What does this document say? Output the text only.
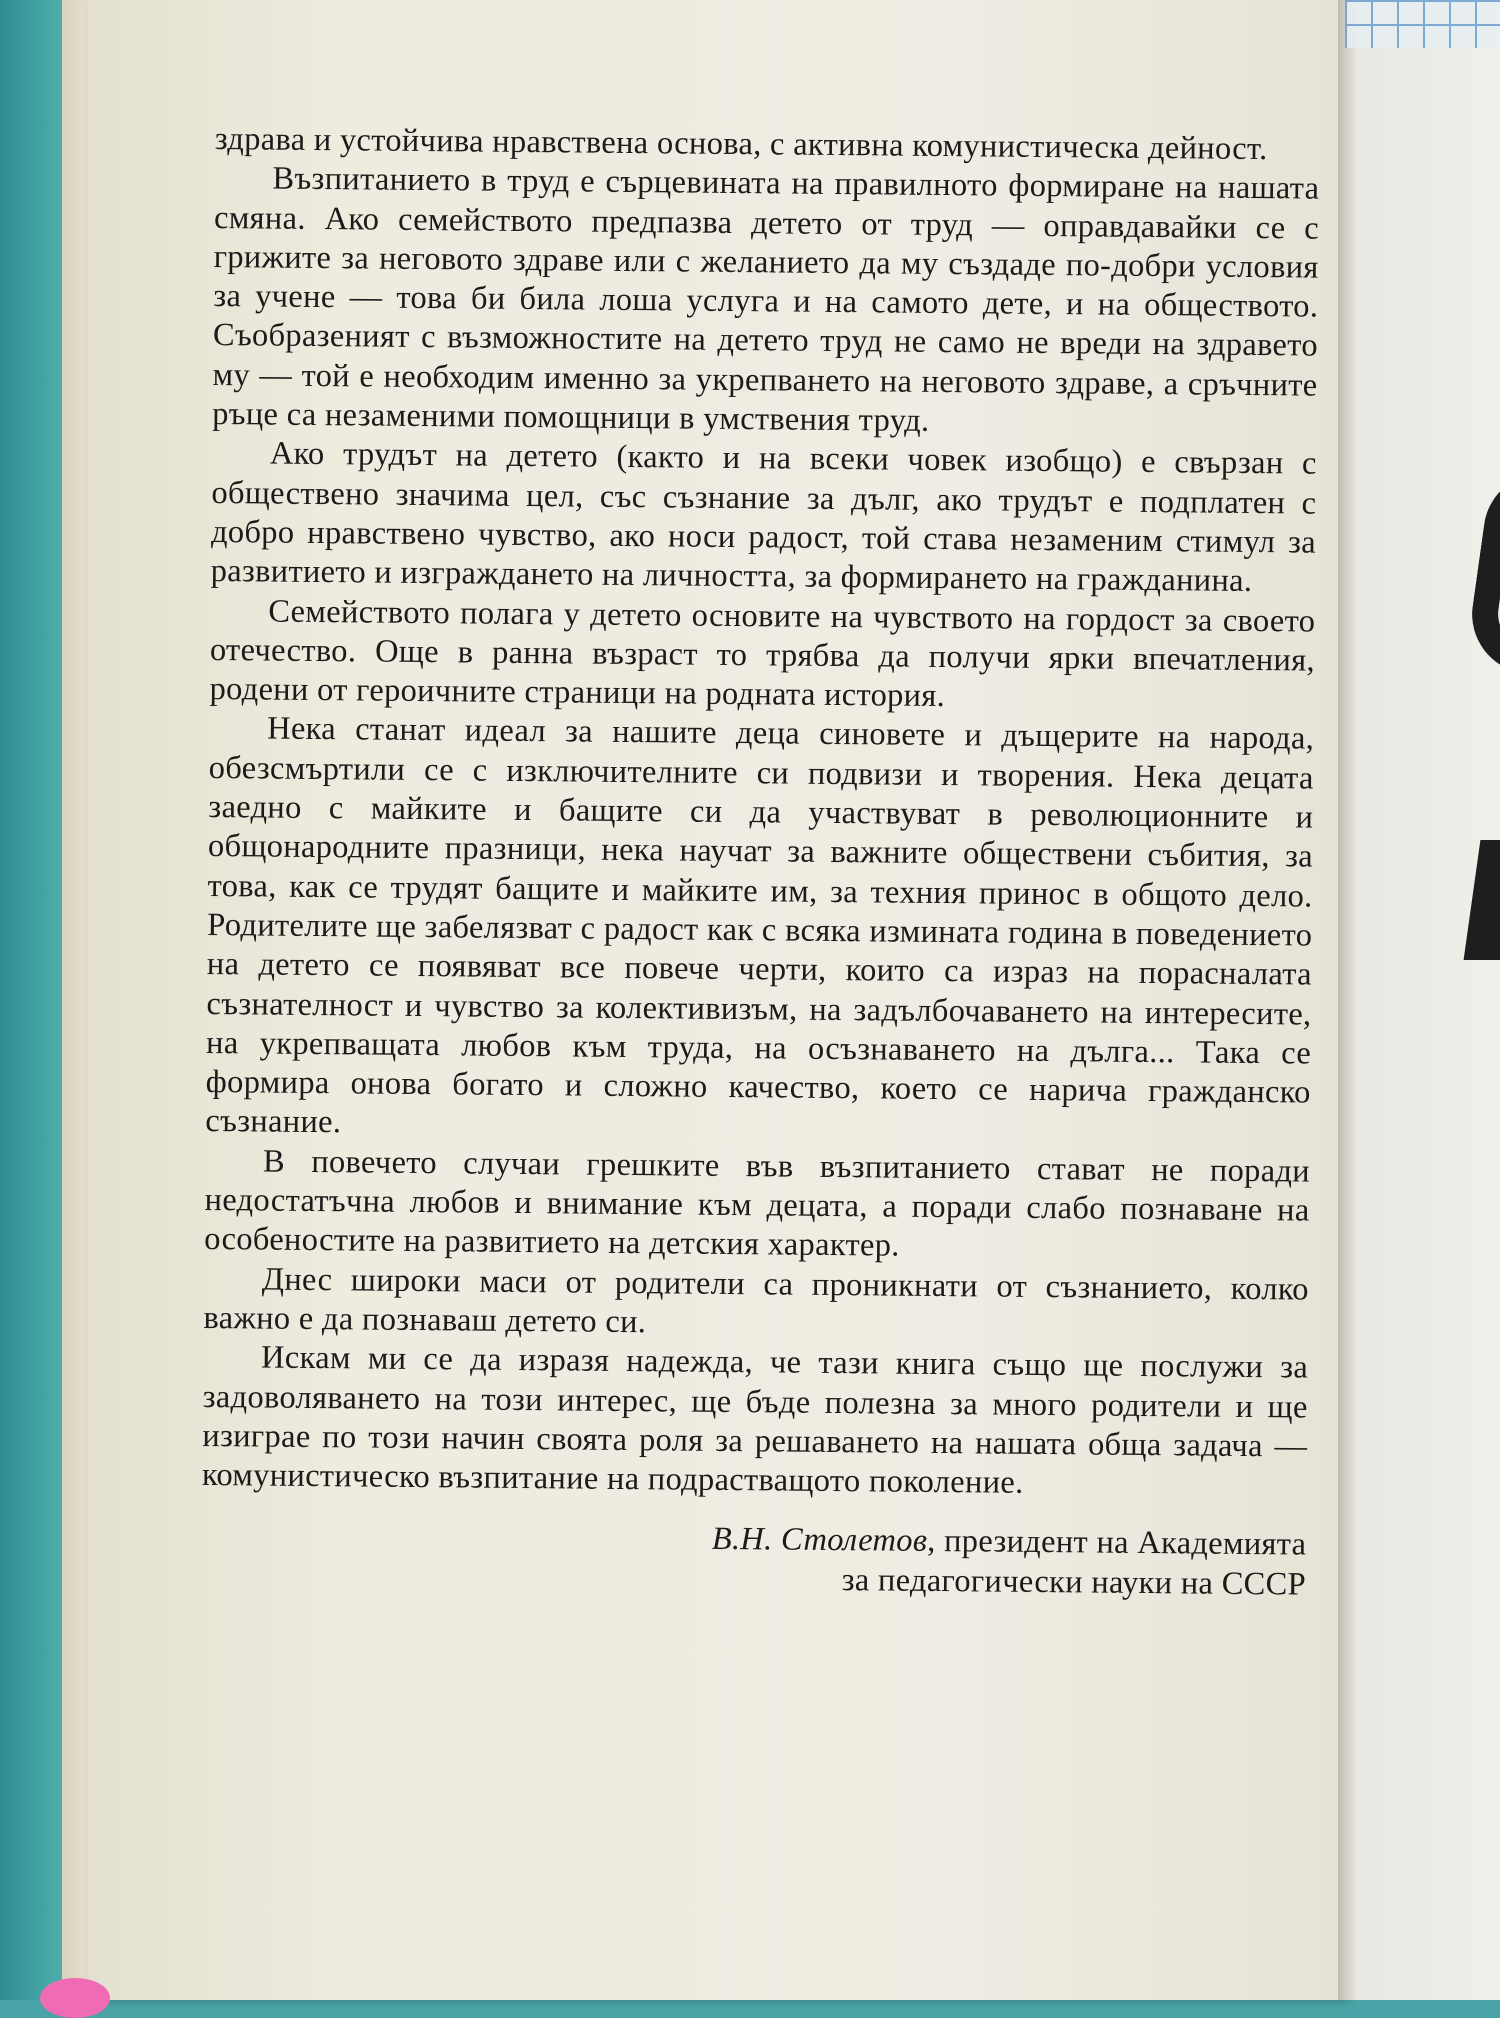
здрава и устойчива нравствена основа, с активна комунистическа дейност.

Възпитанието в труд е сърцевината на правилното формиране на нашата смяна. Ако семейството предпазва детето от труд — оправдавайки се с грижите за неговото здраве или с желанието да му създаде по-добри условия за учене — това би била лоша услуга и на самото дете, и на обществото. Съобразеният с възможностите на детето труд не само не вреди на здравето му — той е необходим именно за укрепването на неговото здраве, а сръчните ръце са незаменими помощници в умствения труд.

Ако трудът на детето (както и на всеки човек изобщо) е свързан с обществено значима цел, със съзнание за дълг, ако трудът е подплатен с добро нравствено чувство, ако носи радост, той става незаменим стимул за развитието и изграждането на личността, за формирането на гражданина.

Семейството полага у детето основите на чувството на гордост за своето отечество. Още в ранна възраст то трябва да получи ярки впечатления, родени от героичните страници на родната история.

Нека станат идеал за нашите деца синовете и дъщерите на народа, обезсмъртили се с изключителните си подвизи и творения. Нека децата заедно с майките и бащите си да участвуват в революционните и общонародните празници, нека научат за важните обществени събития, за това, как се трудят бащите и майките им, за техния принос в общото дело. Родителите ще забелязват с радост как с всяка измината година в поведението на детето се появяват все повече черти, които са израз на порасналата съзнателност и чувство за колективизъм, на задълбочаването на интересите, на укрепващата любов към труда, на осъзнаването на дълга... Така се формира онова богато и сложно качество, което се нарича гражданско съзнание.

В повечето случаи грешките във възпитанието стават не поради недостатъчна любов и внимание към децата, а поради слабо познаване на особеностите на развитието на детския характер.

Днес широки маси от родители са проникнати от съзнанието, колко важно е да познаваш детето си.

Искам ми се да изразя надежда, че тази книга също ще послужи за задоволяването на този интерес, ще бъде полезна за много родители и ще изиграе по този начин своята роля за решаването на нашата обща задача — комунистическо възпитание на подрастващото поколение.

В.Н. Столетов, президент на Академията
за педагогически науки на СССР
